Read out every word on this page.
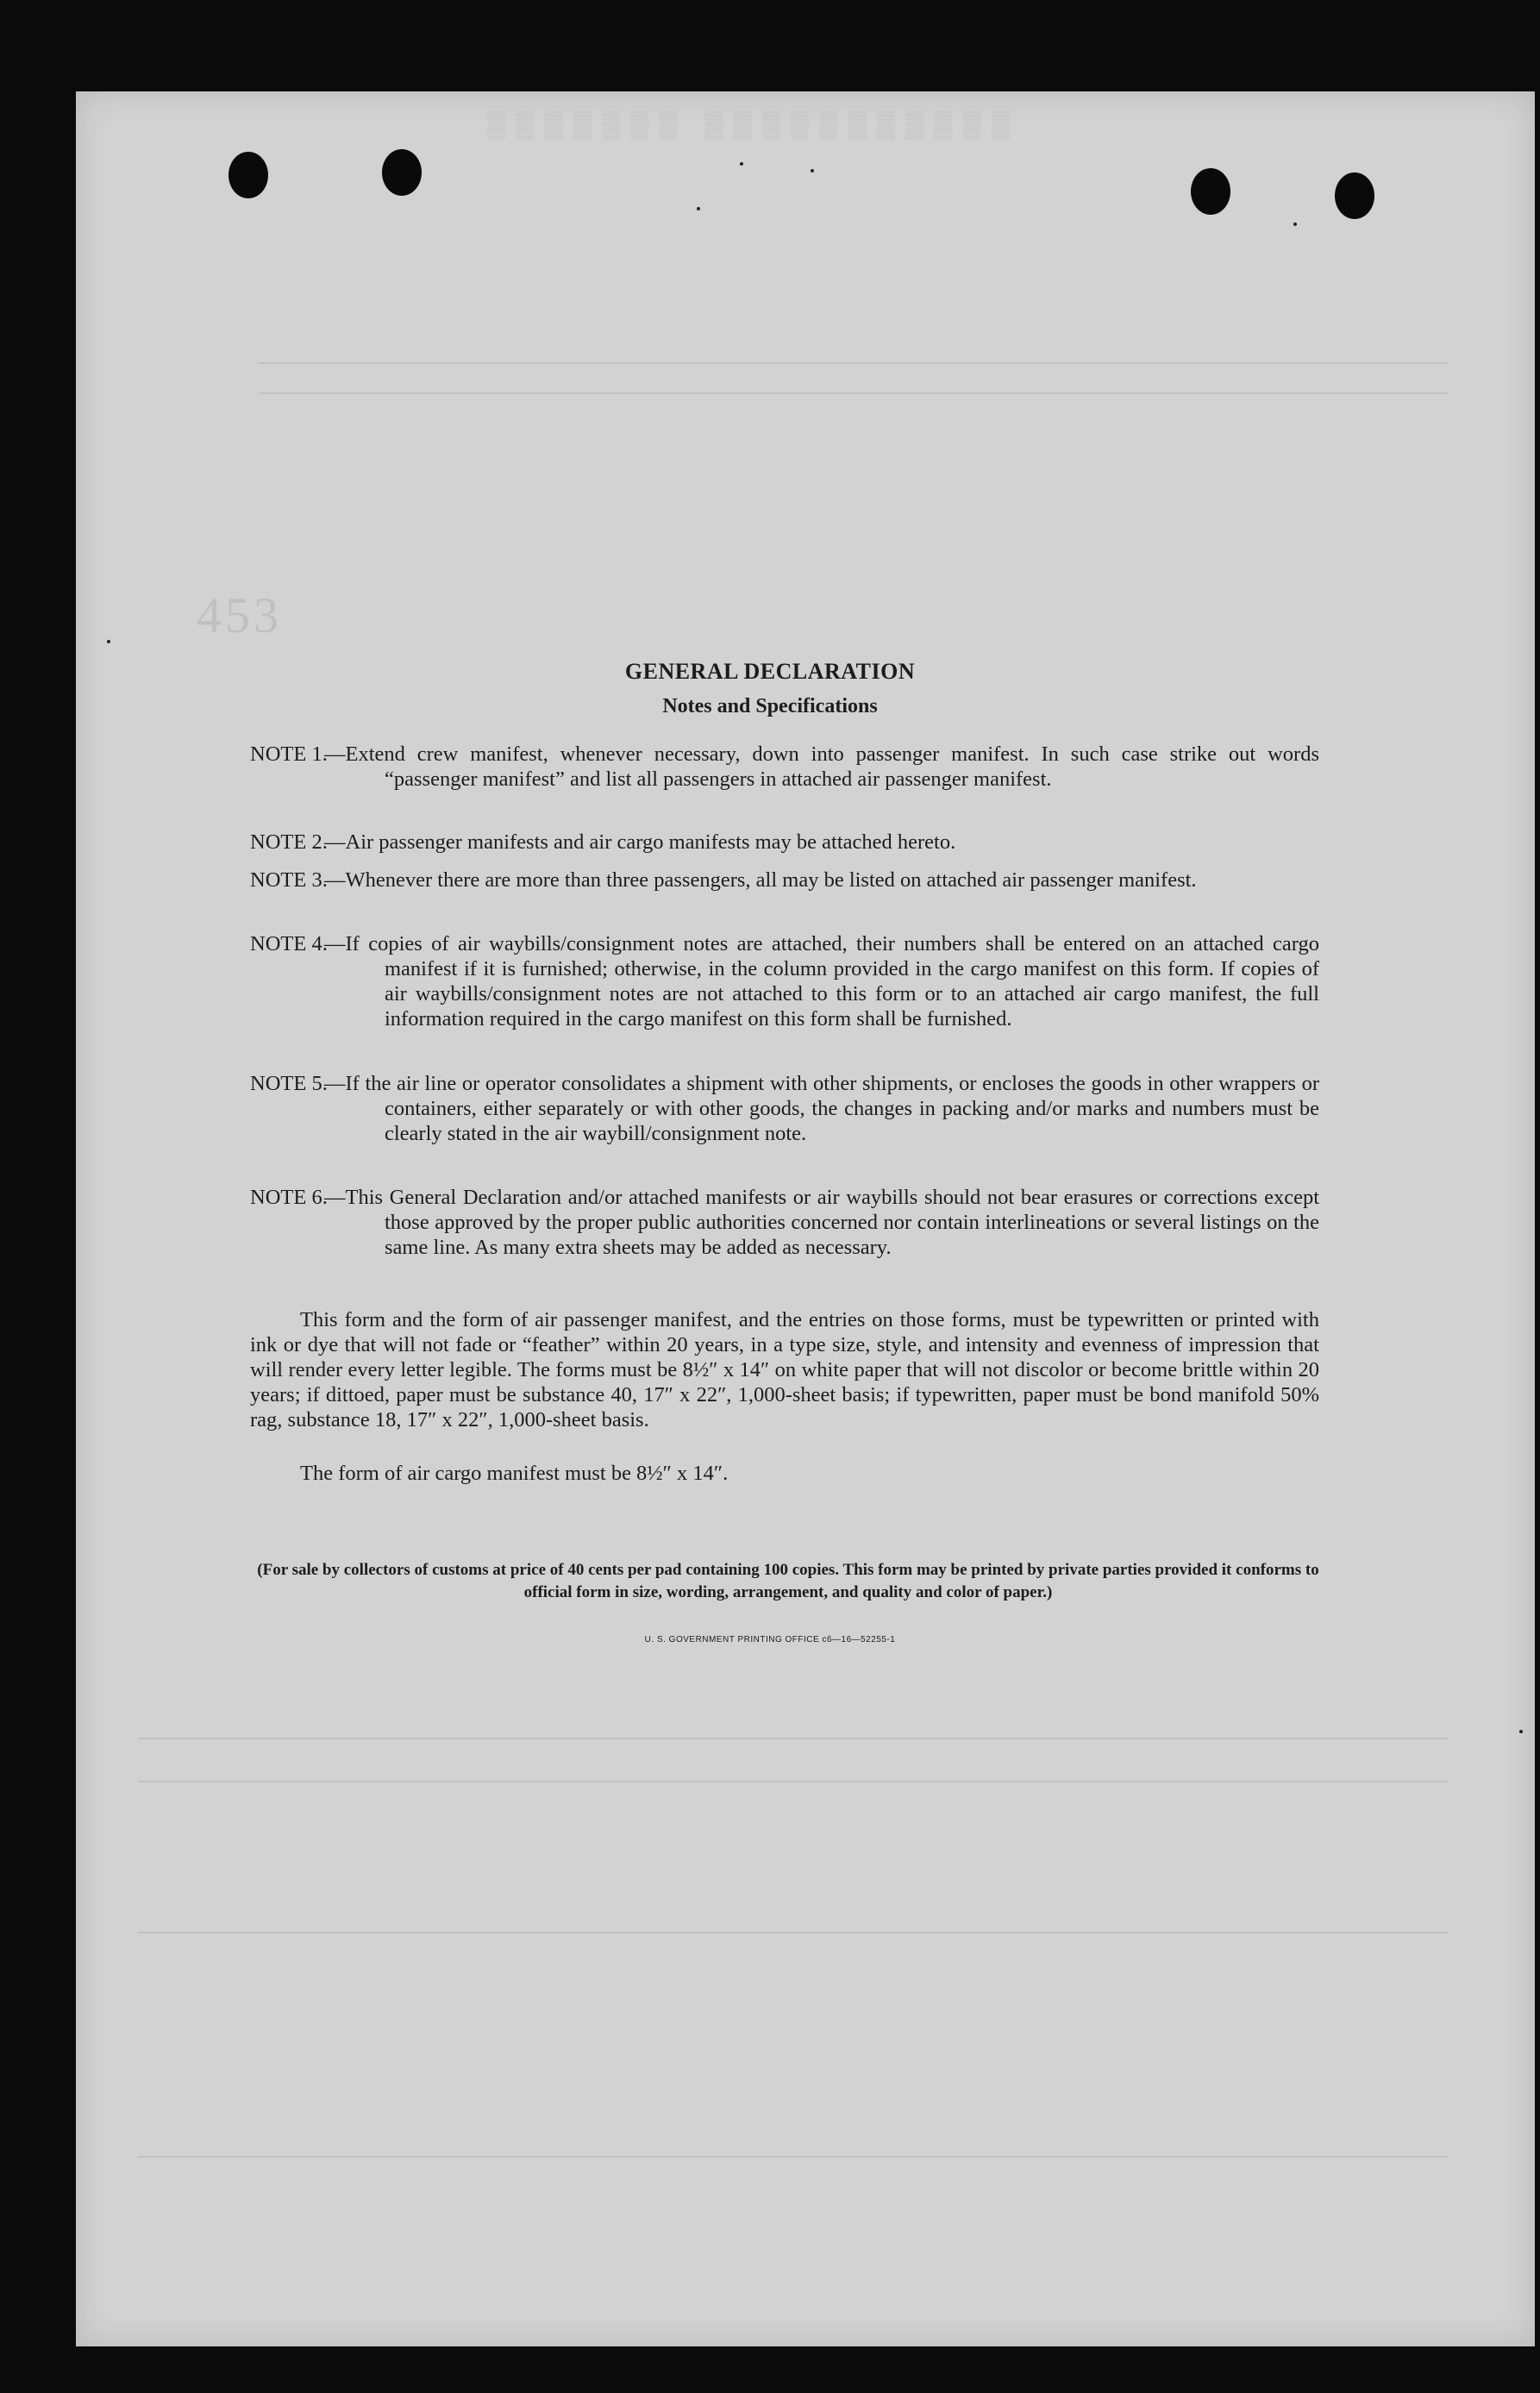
▒▒▒▒▒▒▒ ▒▒▒▒▒▒▒▒▒▒▒
453
GENERAL DECLARATION
Notes and Specifications
NOTE 1.
—Extend crew manifest, whenever necessary, down into passenger manifest. In such case strike out words “passenger manifest” and list all passengers in attached air passenger manifest.
NOTE 2.
—Air passenger manifests and air cargo manifests may be attached hereto.
NOTE 3.
—Whenever there are more than three passengers, all may be listed on attached air passenger manifest.
NOTE 4.
—If copies of air waybills/consignment notes are attached, their numbers shall be entered on an attached cargo manifest if it is furnished; otherwise, in the column provided in the cargo manifest on this form. If copies of air waybills/consignment notes are not attached to this form or to an attached air cargo manifest, the full information required in the cargo manifest on this form shall be furnished.
NOTE 5.
—If the air line or operator consolidates a shipment with other shipments, or encloses the goods in other wrappers or containers, either separately or with other goods, the changes in packing and/or marks and numbers must be clearly stated in the air waybill/consignment note.
NOTE 6.
—This General Declaration and/or attached manifests or air waybills should not bear erasures or corrections except those approved by the proper public authorities concerned nor contain interlineations or several listings on the same line. As many extra sheets may be added as necessary.
This form and the form of air passenger manifest, and the entries on those forms, must be typewritten or printed with ink or dye that will not fade or “feather” within 20 years, in a type size, style, and intensity and evenness of impression that will render every letter legible. The forms must be 8½″ x 14″ on white paper that will not discolor or become brittle within 20 years; if dittoed, paper must be substance 40, 17″ x 22″, 1,000-sheet basis; if typewritten, paper must be bond manifold 50% rag, substance 18, 17″ x 22″, 1,000-sheet basis.
The form of air cargo manifest must be 8½″ x 14″.
(For sale by collectors of customs at price of 40 cents per pad containing 100 copies. This form may be printed by private parties provided it conforms to official form in size, wording, arrangement, and quality and color of paper.)
U. S. GOVERNMENT PRINTING OFFICE c6—16—52255-1
